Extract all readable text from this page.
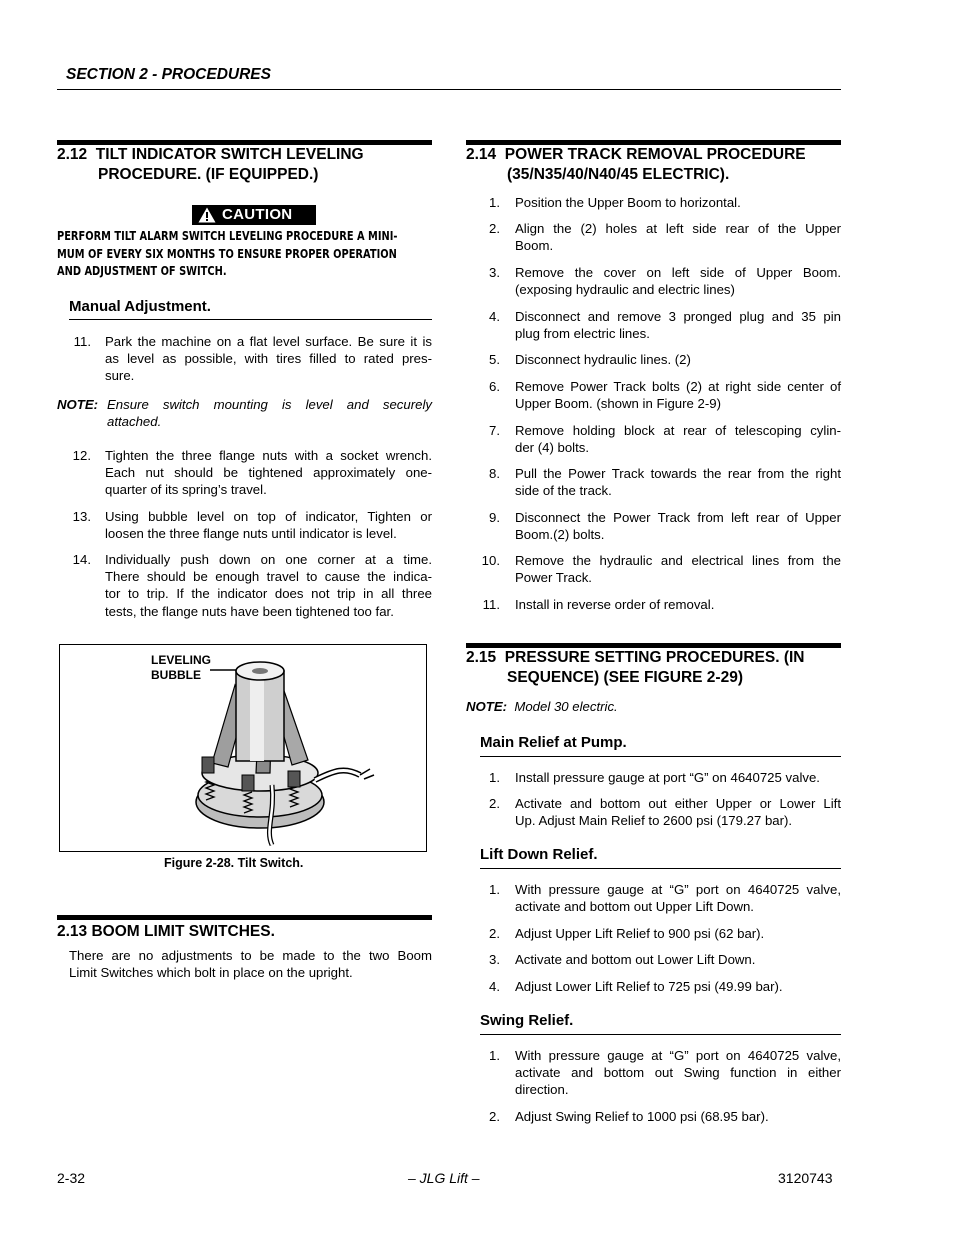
SECTION 2 - PROCEDURES
2.12 TILT INDICATOR SWITCH LEVELING
PROCEDURE. (IF EQUIPPED.)
CAUTION
PERFORM TILT ALARM SWITCH LEVELING PROCEDURE A MINI-
MUM OF EVERY SIX MONTHS TO ENSURE PROPER OPERATION
AND ADJUSTMENT OF SWITCH.
Manual Adjustment.
11. Park the machine on a flat level surface. Be sure it is
as level as possible, with tires filled to rated pres-
sure.
NOTE: Ensure switch mounting is level and securely
attached.
12. Tighten the three flange nuts with a socket wrench.
Each nut should be tightened approximately one-
quarter of its spring’s travel.
13. Using bubble level on top of indicator, Tighten or
loosen the three flange nuts until indicator is level.
14. Individually push down on one corner at a time.
There should be enough travel to cause the indica-
tor to trip. If the indicator does not trip in all three
tests, the flange nuts have been tightened too far.
LEVELING
BUBBLE
Figure 2-28. Tilt Switch.
2.13 BOOM LIMIT SWITCHES.
There are no adjustments to be made to the two Boom
Limit Switches which bolt in place on the upright.
2.14 POWER TRACK REMOVAL PROCEDURE
(35/N35/40/N40/45 ELECTRIC).
1. Position the Upper Boom to horizontal.
2. Align the (2) holes at left side rear of the Upper
Boom.
3. Remove the cover on left side of Upper Boom.
(exposing hydraulic and electric lines)
4. Disconnect and remove 3 pronged plug and 35 pin
plug from electric lines.
5. Disconnect hydraulic lines. (2)
6. Remove Power Track bolts (2) at right side center of
Upper Boom. (shown in Figure 2-9)
7. Remove holding block at rear of telescoping cylin-
der (4) bolts.
8. Pull the Power Track towards the rear from the right
side of the track.
9. Disconnect the Power Track from left rear of Upper
Boom.(2) bolts.
10. Remove the hydraulic and electrical lines from the
Power Track.
11. Install in reverse order of removal.
2.15 PRESSURE SETTING PROCEDURES. (IN
SEQUENCE) (SEE FIGURE 2-29)
NOTE: Model 30 electric.
Main Relief at Pump.
1. Install pressure gauge at port “G” on 4640725 valve.
2. Activate and bottom out either Upper or Lower Lift
Up. Adjust Main Relief to 2600 psi (179.27 bar).
Lift Down Relief.
1. With pressure gauge at “G” port on 4640725 valve,
activate and bottom out Upper Lift Down.
2. Adjust Upper Lift Relief to 900 psi (62 bar).
3. Activate and bottom out Lower Lift Down.
4. Adjust Lower Lift Relief to 725 psi (49.99 bar).
Swing Relief.
1. With pressure gauge at “G” port on 4640725 valve,
activate and bottom out Swing function in either
direction.
2. Adjust Swing Relief to 1000 psi (68.95 bar).
2-32	– JLG Lift –	3120743
